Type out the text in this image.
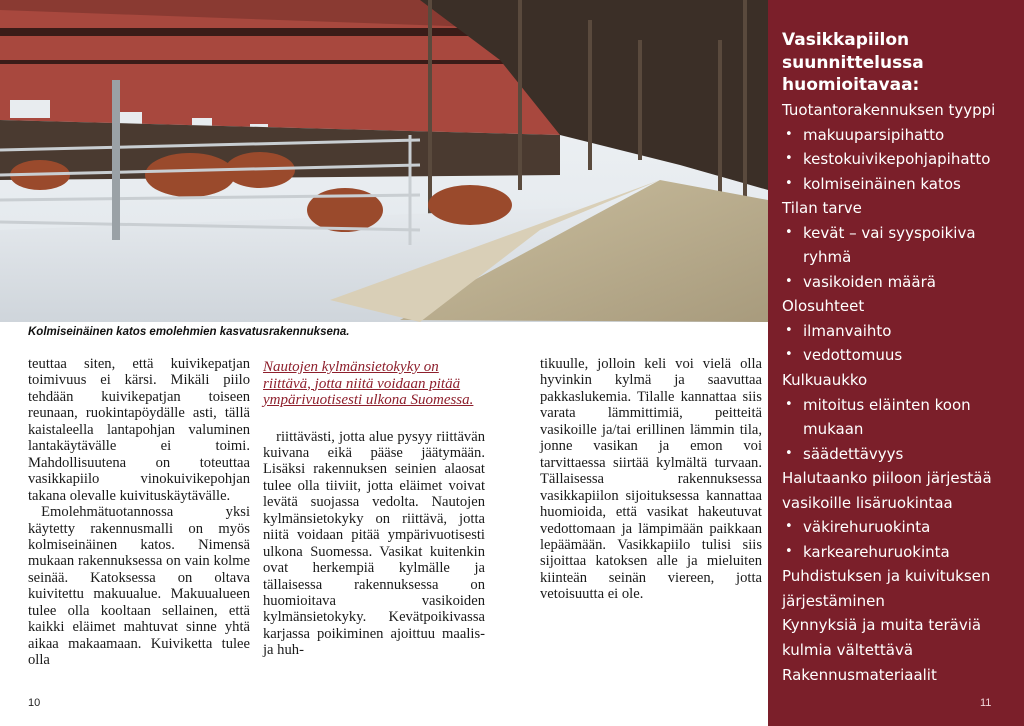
Kolmiseinäinen katos emolehmien kasvatusrakennuksena.

teuttaa siten, että kuivikepatjan toimivuus ei kärsi. Mikäli piilo tehdään kuivikepatjan toiseen reunaan, ruokintapöydälle asti, tällä kaistaleella lantapohjan valuminen lantakäytävälle ei toimi. Mahdollisuutena on toteuttaa vasikkapiilo vinokuivikepohjan takana olevalle kuivituskäytävälle.

Emolehmätuotannossa yksi käytetty rakennusmalli on myös kolmiseinäinen katos. Nimensä mukaan rakennuksessa on vain kolme seinää. Katoksessa on oltava kuivitettu makuualue. Makuualueen tulee olla kooltaan sellainen, että kaikki eläimet mahtuvat sinne yhtä aikaa makaamaan. Kuiviketta tulee olla

Nautojen kylmänsietokyky on riittävä, jotta niitä voidaan pitää ympärivuotisesti ulkona Suomessa.

riittävästi, jotta alue pysyy riittävän kuivana eikä pääse jäätymään. Lisäksi rakennuksen seinien alaosat tulee olla tiiviit, jotta eläimet voivat levätä suojassa vedolta. Nautojen kylmänsietokyky on riittävä, jotta niitä voidaan pitää ympärivuotisesti ulkona Suomessa. Vasikat kuitenkin ovat herkempiä kylmälle ja tällaisessa rakennuksessa on huomioitava vasikoiden kylmänsietokyky. Kevätpoikivassa karjassa poikiminen ajoittuu maalis- ja huh-

tikuulle, jolloin keli voi vielä olla hyvinkin kylmä ja saavuttaa pakkaslukemia. Tilalle kannattaa siis varata lämmittimiä, peitteitä vasikoille ja/tai erillinen lämmin tila, jonne vasikan ja emon voi tarvittaessa siirtää kylmältä turvaan. Tällaisessa rakennuksessa vasikkapiilon sijoituksessa kannattaa huomioida, että vasikat hakeutuvat vedottomaan ja lämpimään paikkaan lepäämään. Vasikkapiilo tulisi siis sijoittaa katoksen alle ja mieluiten kiinteän seinän viereen, jotta vetoisuutta ei ole.

10
Vasikkapiilon suunnittelussa huomioitavaa:
Tuotantorakennuksen tyyppi
• makuuparsipihatto
• kestokuivikepohjapihatto
• kolmiseinäinen katos
Tilan tarve
• kevät – vai syyspoikiva
ryhmä
• vasikoiden määrä
Olosuhteet
• ilmanvaihto
• vedottomuus
Kulkuaukko
• mitoitus eläinten koon
mukaan
• säädettävyys
Halutaanko piiloon järjestää
vasikoille lisäruokintaa
• väkirehuruokinta
• karkearehuruokinta
Puhdistuksen ja kuivituksen
järjestäminen
Kynnyksiä ja muita teräviä
kulmia vältettävä
Rakennusmateriaalit
11
